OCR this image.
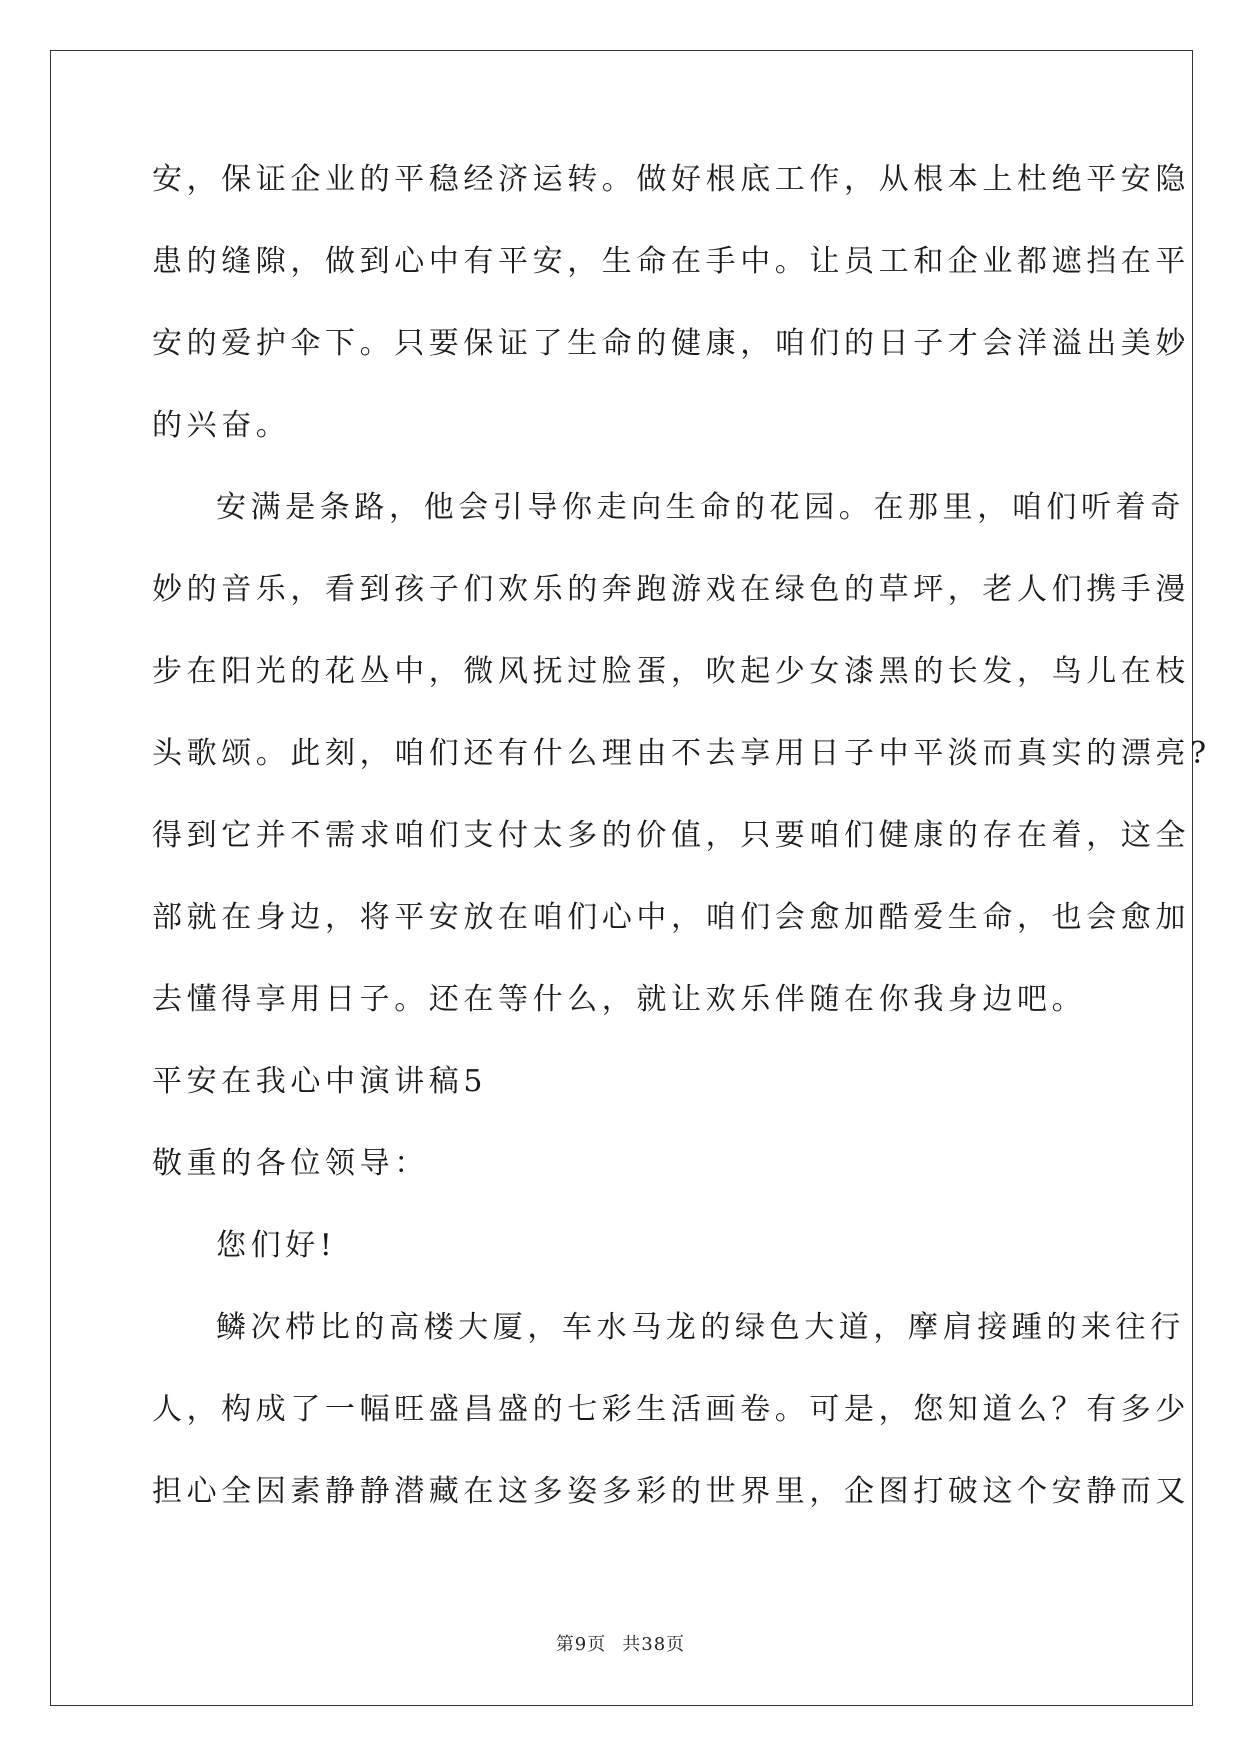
安，保证企业的平稳经济运转。做好根底工作，从根本上杜绝平安隐
患的缝隙，做到心中有平安，生命在手中。让员工和企业都遮挡在平
安的爱护伞下。只要保证了生命的健康，咱们的日子才会洋溢出美妙
的兴奋。
安满是条路，他会引导你走向生命的花园。在那里，咱们听着奇
妙的音乐，看到孩子们欢乐的奔跑游戏在绿色的草坪，老人们携手漫
步在阳光的花丛中，微风抚过脸蛋，吹起少女漆黑的长发，鸟儿在枝
头歌颂。此刻，咱们还有什么理由不去享用日子中平淡而真实的漂亮?
得到它并不需求咱们支付太多的价值，只要咱们健康的存在着，这全
部就在身边，将平安放在咱们心中，咱们会愈加酷爱生命，也会愈加
去懂得享用日子。还在等什么，就让欢乐伴随在你我身边吧。
平安在我心中演讲稿5
敬重的各位领导：
您们好!
鳞次栉比的高楼大厦，车水马龙的绿色大道，摩肩接踵的来往行
人，构成了一幅旺盛昌盛的七彩生活画卷。可是，您知道么？有多少
担心全因素静静潜藏在这多姿多彩的世界里，企图打破这个安静而又
第9页 共38页
